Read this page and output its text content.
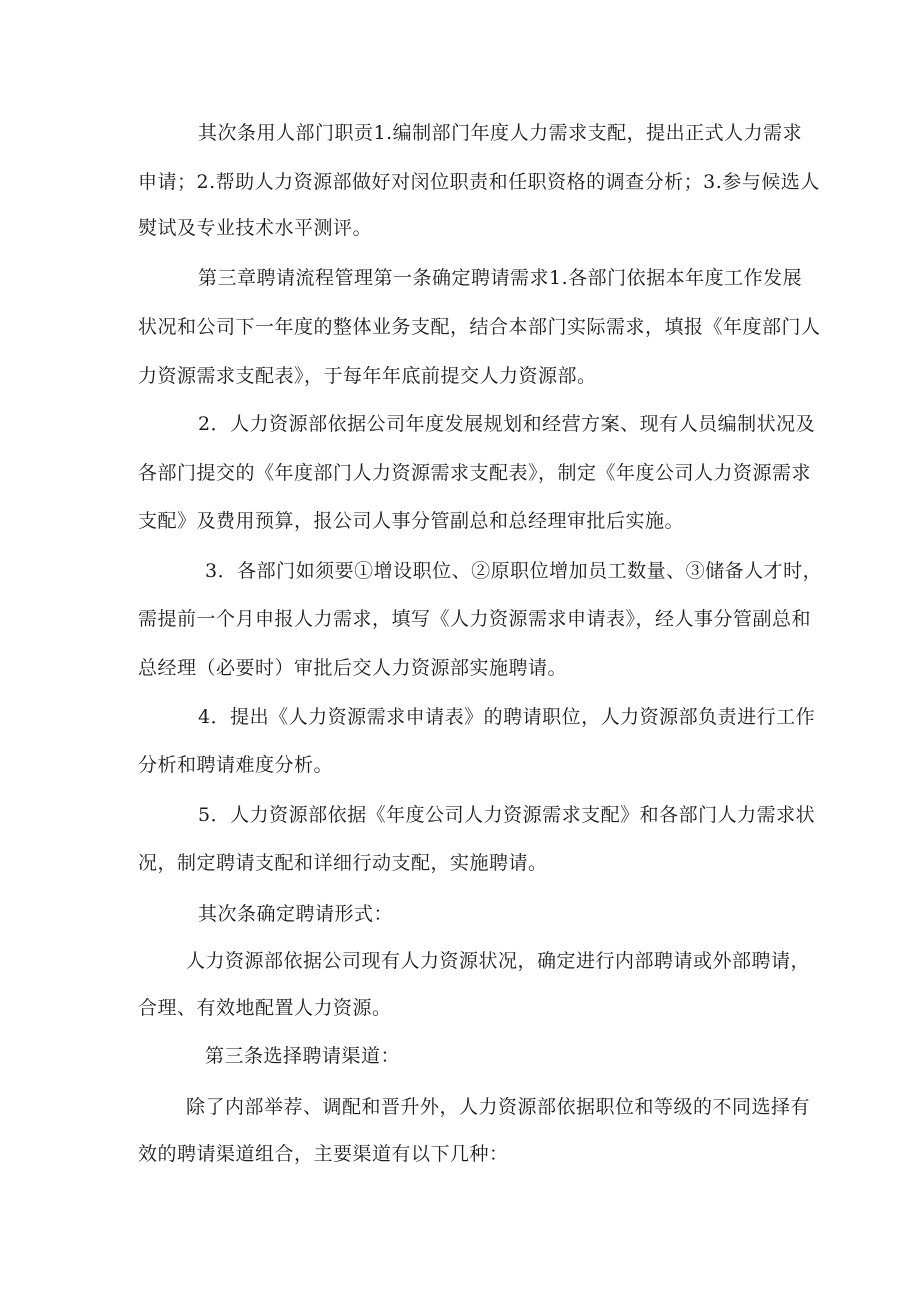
其次条用人部门职贡1.编制部门年度人力需求支配，提出正式人力需求
申请；2.帮助人力资源部做好对闵位职责和任职资格的调查分析；3.参与候选人
熨试及专业技术水平测评。
第三章聘请流程管理第一条确定聘请需求1.各部门依据本年度工作发展
状况和公司下一年度的整体业务支配，结合本部门实际需求，填报《年度部门人
力资源需求支配表》，于每年年底前提交人力资源部。
2．人力资源部依据公司年度发展规划和经营方案、现有人员编制状况及
各部门提交的《年度部门人力资源需求支配表》，制定《年度公司人力资源需求
支配》及费用预算，报公司人事分管副总和总经理审批后实施。
3．各部门如须要①增设职位、②原职位增加员工数量、③储备人才时，
需提前一个月申报人力需求，填写《人力资源需求申请表》，经人事分管副总和
总经理（必要时）审批后交人力资源部实施聘请。
4．提出《人力资源需求申请表》的聘请职位，人力资源部负责进行工作
分析和聘请难度分析。
5．人力资源部依据《年度公司人力资源需求支配》和各部门人力需求状
况，制定聘请支配和详细行动支配，实施聘请。
其次条确定聘请形式：
人力资源部依据公司现有人力资源状况，确定进行内部聘请或外部聘请，
合理、有效地配置人力资源。
第三条选择聘请渠道：
除了内部举荐、调配和晋升外，人力资源部依据职位和等级的不同选择有
效的聘请渠道组合，主要渠道有以下几种：
